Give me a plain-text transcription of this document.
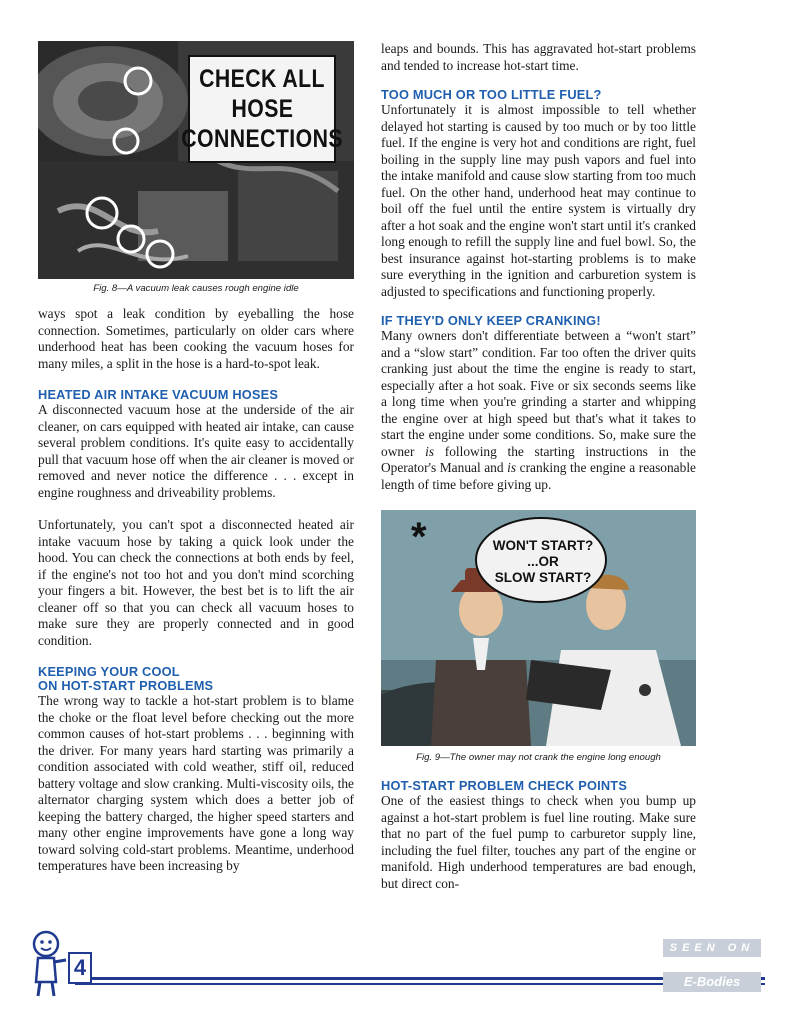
CHECK ALL
HOSE
CONNECTIONS
Fig. 8—A vacuum leak causes rough engine idle

ways spot a leak condition by eyeballing the hose connection. Sometimes, particularly on older cars where underhood heat has been cooking the vacuum hoses for many miles, a split in the hose is a hard-to-spot leak.

HEATED AIR INTAKE VACUUM HOSES

A disconnected vacuum hose at the underside of the air cleaner, on cars equipped with heated air intake, can cause several problem conditions. It's quite easy to accidentally pull that vacuum hose off when the air cleaner is moved or removed and never notice the difference . . . except in engine roughness and driveability problems.

Unfortunately, you can't spot a disconnected heated air intake vacuum hose by taking a quick look under the hood. You can check the connections at both ends by feel, if the engine's not too hot and you don't mind scorching your fingers a bit. However, the best bet is to lift the air cleaner off so that you can check all vacuum hoses to make sure they are properly connected and in good condition.

KEEPING YOUR COOL
ON HOT-START PROBLEMS

The wrong way to tackle a hot-start problem is to blame the choke or the float level before checking out the more common causes of hot-start problems . . . beginning with the driver. For many years hard starting was primarily a condition associated with cold weather, stiff oil, reduced battery voltage and slow cranking. Multi-viscosity oils, the alternator charging system which does a better job of keeping the battery charged, the higher speed starters and many other engine improvements have gone a long way toward solving cold-start problems. Meantime, underhood temperatures have been increasing by

leaps and bounds. This has aggravated hot-start problems and tended to increase hot-start time.

TOO MUCH OR TOO LITTLE FUEL?

Unfortunately it is almost impossible to tell whether delayed hot starting is caused by too much or by too little fuel. If the engine is very hot and conditions are right, fuel boiling in the supply line may push vapors and fuel into the intake manifold and cause slow starting from too much fuel. On the other hand, underhood heat may continue to boil off the fuel until the entire system is virtually dry after a hot soak and the engine won't start until it's cranked long enough to refill the supply line and fuel bowl. So, the best insurance against hot-starting problems is to make sure everything in the ignition and carburetion system is adjusted to specifications and functioning properly.

IF THEY'D ONLY KEEP CRANKING!

Many owners don't differentiate between a “won't start” and a “slow start” condition. Far too often the driver quits cranking just about the time the engine is ready to start, especially after a hot soak. Five or six seconds seems like a long time when you're grinding a starter and whipping the engine over at high speed but that's what it takes to start the engine under some conditions. So, make sure the owner is following the starting instructions in the Operator's Manual and is cranking the engine a reasonable length of time before giving up.

*	WON'T START?
...OR
SLOW START?
Fig. 9—The owner may not crank the engine long enough
HOT-START PROBLEM CHECK POINTS

One of the easiest things to check when you bump up against a hot-start problem is fuel line routing. Make sure that no part of the fuel pump to carburetor supply line, including the fuel filter, touches any part of the engine or manifold. High underhood temperatures are bad enough, but direct con-

4
SEEN ON
E-Bodies
